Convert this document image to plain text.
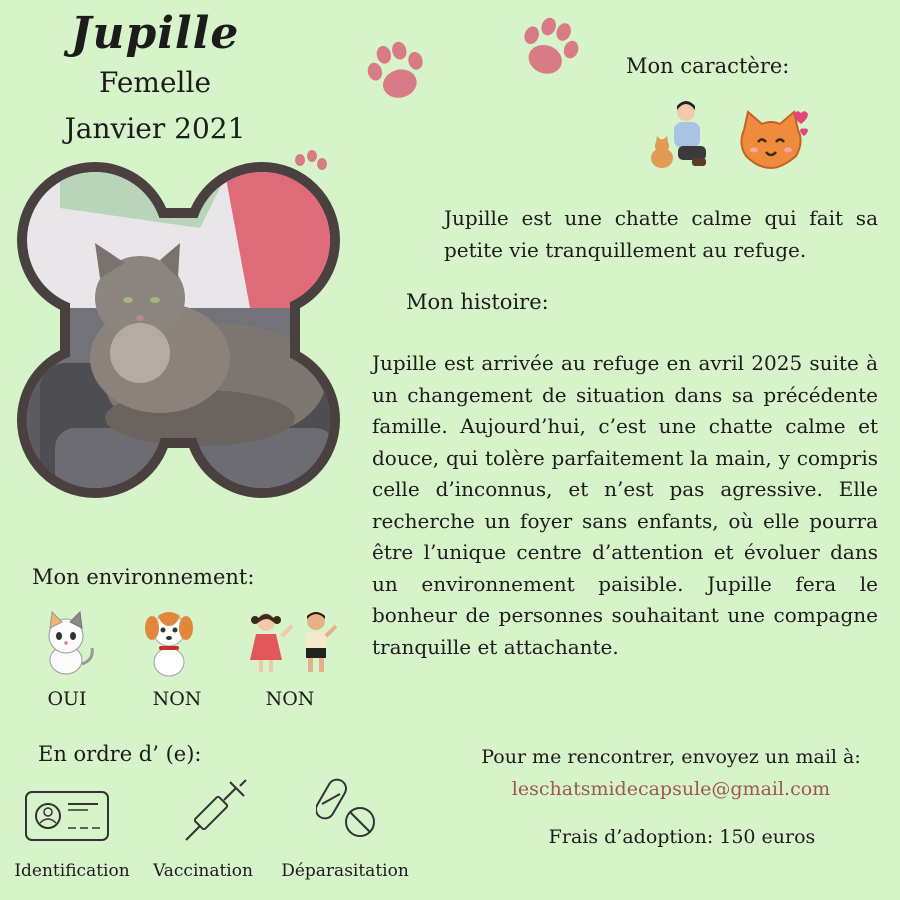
Jupille
Femelle
Janvier 2021
Mon caractère:
Jupille est une chatte calme qui fait sa petite vie tranquillement au refuge.
Mon histoire:
Jupille est arrivée au refuge en avril 2025 suite à un changement de situation dans sa précédente famille. Aujourd’hui, c’est une chatte calme et douce, qui tolère parfaitement la main, y compris celle d’inconnus, et n’est pas agressive. Elle recherche un foyer sans enfants, où elle pourra être l’unique centre d’attention et évoluer dans un environnement paisible. Jupille fera le bonheur de personnes souhaitant une compagne tranquille et attachante.
Mon environnement:
OUI	NON	NON
En ordre d’ (e):
Identification	Vaccination	Déparasitation
Pour me rencontrer, envoyez un mail à:
leschatsmidecapsule@gmail.com
Frais d’adoption: 150 euros
